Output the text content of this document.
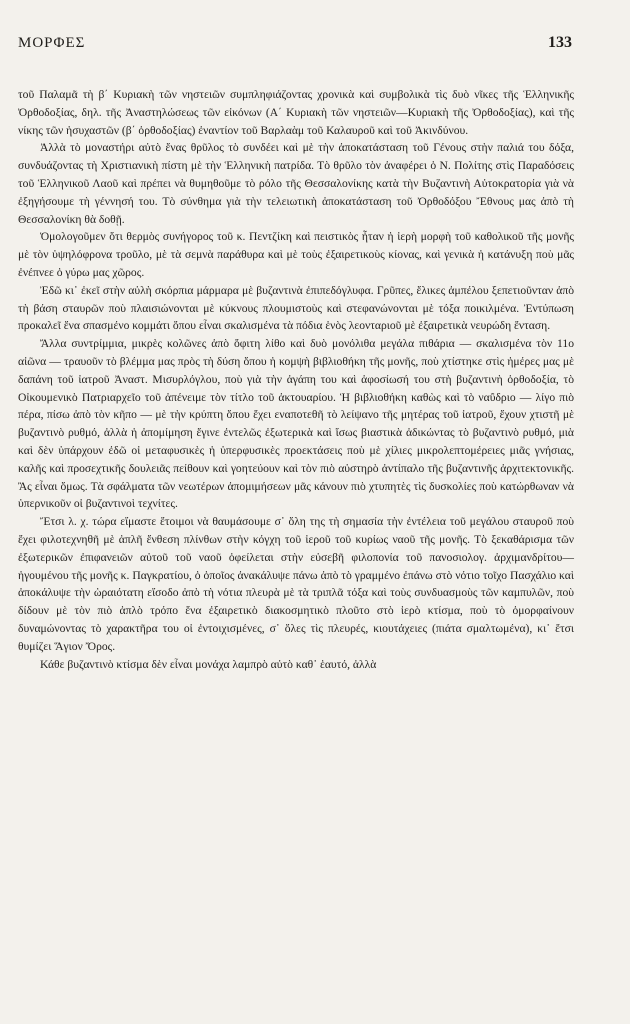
ΜΟΡΦΕΣ	133

τοῦ Παλαμᾶ τὴ β΄ Κυριακὴ τῶν νηστειῶν συμπληφιάζοντας χρονικὰ καὶ συμβολικὰ τὶς δυὸ νῖκες τῆς Ἑλληνικῆς Ὀρθοδοξίας, δηλ. τῆς Ἀναστηλώσεως τῶν εἰκόνων (Α΄ Κυριακὴ τῶν νηστειῶν—Κυριακὴ τῆς Ὀρθοδοξίας), καὶ τῆς νίκης τῶν ἡσυχαστῶν (β΄ ὀρθοδοξίας) ἐναντίον τοῦ Βαρλαὰμ τοῦ Καλαυροῦ καὶ τοῦ Ἀκινδύνου.

Ἀλλὰ τὸ μοναστήρι αὐτὸ ἕνας θρῦλος τὸ συνδέει καὶ μὲ τὴν ἀποκατάσταση τοῦ Γένους στὴν παλιά του δόξα, συνδυάζοντας τὴ Χριστιανικὴ πίστη μὲ τὴν Ἑλληνικὴ πατρίδα. Τὸ θρῦλο τὸν ἀναφέρει ὁ Ν. Πολίτης στὶς Παραδόσεις τοῦ Ἑλληνικοῦ Λαοῦ καὶ πρέπει νὰ θυμηθοῦμε τὸ ρόλο τῆς Θεσσαλονίκης κατὰ τὴν Βυζαντινὴ Αὐτοκρατορία γιὰ νὰ ἐξηγήσουμε τὴ γέννησή του. Τὸ σύνθημα γιὰ τὴν τελειωτικὴ ἀποκατάσταση τοῦ Ὀρθοδόξου Ἔθνους μας ἀπὸ τὴ Θεσσαλονίκη θὰ δοθῇ.

Ὁμολογοῦμεν ὅτι θερμὸς συνήγορος τοῦ κ. Πεντζίκη καὶ πειστικὸς ἦταν ἡ ἱερὴ μορφὴ τοῦ καθολικοῦ τῆς μονῆς μὲ τὸν ὑψηλόφρονα τροῦλο, μὲ τὰ σεμνὰ παράθυρα καὶ μὲ τοὺς ἐξαιρετικοὺς κίονας, καὶ γενικὰ ἡ κατάνυξη ποὺ μᾶς ἐνέπνεε ὁ γύρω μας χῶρος.

Ἐδῶ κι᾽ ἐκεῖ στὴν αὐλὴ σκόρπια μάρμαρα μὲ βυζαντινὰ ἐπιπεδόγλυφα. Γρῦπες, ἕλικες ἀμπέλου ξεπετιοῦνταν ἀπὸ τὴ βάση σταυρῶν ποὺ πλαισιώνονται μὲ κύκνους πλουμιστοὺς καὶ στεφανώνονται μὲ τόξα ποικιλμένα. Ἐντύπωση προκαλεῖ ἕνα σπασμένο κομμάτι ὅπου εἶναι σκαλισμένα τὰ πόδια ἑνὸς λεονταριοῦ μὲ ἐξαιρετικὰ νευρώδη ἔνταση.

Ἄλλα συντρίμμια, μικρὲς κολῶνες ἀπὸ ὄφιτη λίθο καὶ δυὸ μονόλιθα μεγάλα πιθάρια — σκαλισμένα τὸν 11ο αἰῶνα — τραυοῦν τὸ βλέμμα μας πρὸς τὴ δύση ὅπου ἡ κομψὴ βιβλιοθήκη τῆς μονῆς, ποὺ χτίστηκε στὶς ἡμέρες μας μὲ δαπάνη τοῦ ἰατροῦ Ἀναστ. Μισυρλόγλου, ποὺ γιὰ τὴν ἀγάπη του καὶ ἀφοσίωσή του στὴ βυζαντινὴ ὀρθοδοξία, τὸ Οἰκουμενικὸ Πατριαρχεῖο τοῦ ἀπένειμε τὸν τίτλο τοῦ ἀκτουαρίου. Ἡ βιβλιοθήκη καθὼς καὶ τὸ ναΰδριο — λίγο πιὸ πέρα, πίσω ἀπὸ τὸν κῆπο — μὲ τὴν κρύπτη ὅπου ἔχει εναποτεθῆ τὸ λείψανο τῆς μητέρας τοῦ ἰατροῦ, ἔχουν χτιστῆ μὲ βυζαντινὸ ρυθμό, ἀλλὰ ἡ ἀπομίμηση ἔγινε ἐντελῶς ἐξωτερικὰ καὶ ἴσως βιαστικὰ ἀδικώντας τὸ βυζαντινὸ ρυθμό, μιὰ καὶ δὲν ὑπάρχουν ἐδῶ οἱ μεταφυσικὲς ἡ ὑπερφυσικὲς προεκτάσεις ποὺ μὲ χίλιες μικρολεπτομέρειες μιᾶς γνήσιας, καλῆς καὶ προσεχτικῆς δουλειᾶς πείθουν καὶ γοητεύουν καὶ τὸν πιὸ αὐστηρὸ ἀντίπαλο τῆς βυζαντινῆς ἀρχιτεκτονικῆς. Ἂς εἶναι ὅμως. Τὰ σφάλματα τῶν νεωτέρων ἀπομιμήσεων μᾶς κάνουν πιὸ χτυπητὲς τὶς δυσκολίες ποὺ κατώρθωναν νὰ ὑπερνικοῦν οἱ βυζαντινοὶ τεχνίτες.

Ἔτσι λ. χ. τώρα εἴμαστε ἕτοιμοι νὰ θαυμάσουμε σ᾽ ὅλη της τὴ σημασία τὴν ἐντέλεια τοῦ μεγάλου σταυροῦ ποὺ ἔχει φιλοτεχνηθῆ μὲ ἁπλῆ ἔνθεση πλίνθων στὴν κόγχη τοῦ ἱεροῦ τοῦ κυρίως ναοῦ τῆς μονῆς. Τὸ ξεκαθάρισμα τῶν ἐξωτερικῶν ἐπιφανειῶν αὐτοῦ τοῦ ναοῦ ὀφείλεται στὴν εὐσεβῆ φιλοπονία τοῦ πανοσιολογ. ἀρχιμανδρίτου—ἡγουμένου τῆς μονῆς κ. Παγκρατίου, ὁ ὁποῖος ἀνακάλυψε πάνω ἀπὸ τὸ γραμμένο ἐπάνω στὸ νότιο τοῖχο Πασχάλιο καὶ ἀποκάλυψε τὴν ὡραιότατη εἴσοδο ἀπὸ τὴ νότια πλευρὰ μὲ τὰ τριπλᾶ τόξα καὶ τοὺς συνδυασμοὺς τῶν καμπυλῶν, ποὺ δίδουν μὲ τὸν πιὸ ἁπλὸ τρόπο ἕνα ἐξαιρετικὸ διακοσμητικὸ πλοῦτο στὸ ἱερὸ κτίσμα, ποὺ τὸ ὀμορφαίνουν δυναμώνοντας τὸ χαρακτῆρα του οἱ ἐντοιχισμένες, σ᾽ ὅλες τὶς πλευρές, κιουτάχειες (πιάτα σμαλτωμένα), κι᾽ ἔτσι θυμίζει Ἅγιον Ὄρος.

Κάθε βυζαντινὸ κτίσμα δὲν εἶναι μονάχα λαμπρὸ αὐτὸ καθ᾽ ἑαυτό, ἀλλὰ
